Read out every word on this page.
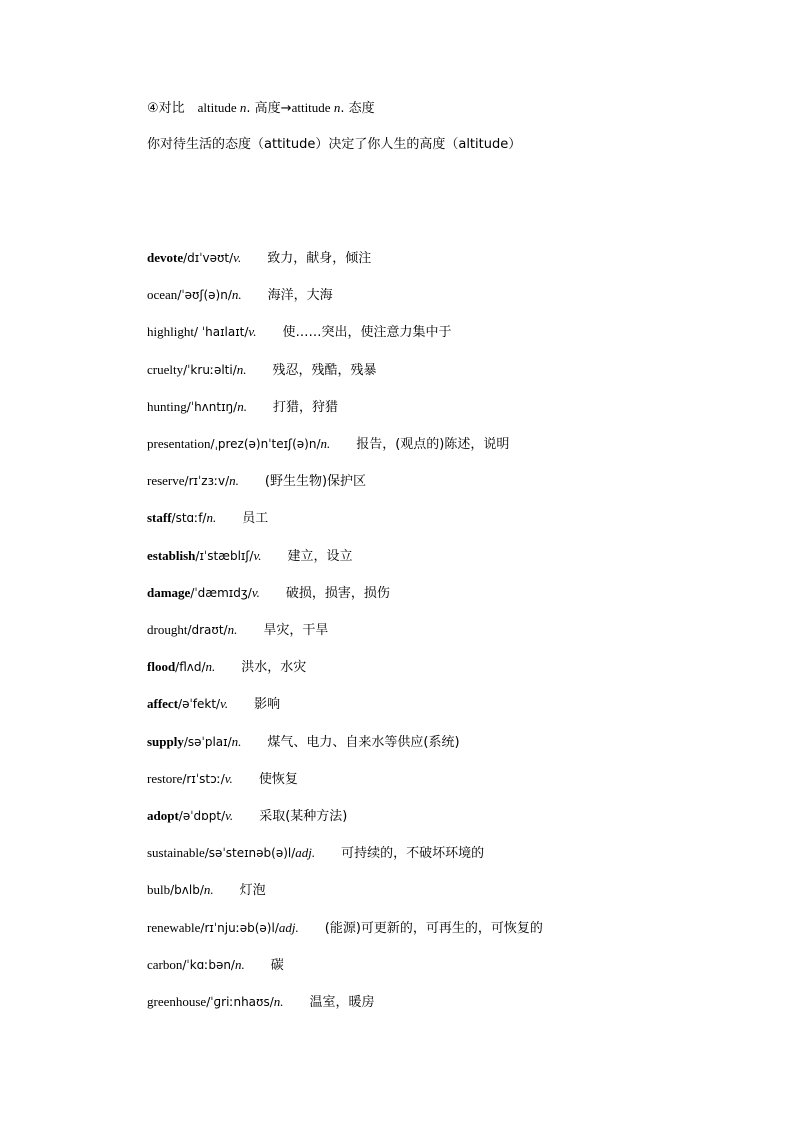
④对比 altitude n. 高度→attitude n. 态度
你对待生活的态度（attitude）决定了你人生的高度（altitude）
devote/dɪˈvəʊt/v. 致力，献身，倾注
ocean/ˈəʊʃ(ə)n/n. 海洋，大海
highlight/ ˈhaɪlaɪt/v. 使……突出，使注意力集中于
cruelty/ˈkruːəlti/n. 残忍，残酷，残暴
hunting/ˈhʌntɪŋ/n. 打猎，狩猎
presentation/ˌprez(ə)nˈteɪʃ(ə)n/n. 报告，(观点的)陈述，说明
reserve/rɪˈzɜːv/n. (野生生物)保护区
staff/stɑːf/n. 员工
establish/ɪˈstæblɪʃ/v. 建立，设立
damage/ˈdæmɪdʒ/v. 破损，损害，损伤
drought/draʊt/n. 旱灾，干旱
flood/flʌd/n. 洪水，水灾
affect/əˈfekt/v. 影响
supply/səˈplaɪ/n. 煤气、电力、自来水等供应(系统)
restore/rɪˈstɔː/v. 使恢复
adopt/əˈdɒpt/v. 采取(某种方法)
sustainable/səˈsteɪnəb(ə)l/adj. 可持续的，不破坏环境的
bulb/bʌlb/n. 灯泡
renewable/rɪˈnjuːəb(ə)l/adj. (能源)可更新的，可再生的，可恢复的
carbon/ˈkɑːbən/n. 碳
greenhouse/ˈɡriːnhaʊs/n. 温室，暖房
